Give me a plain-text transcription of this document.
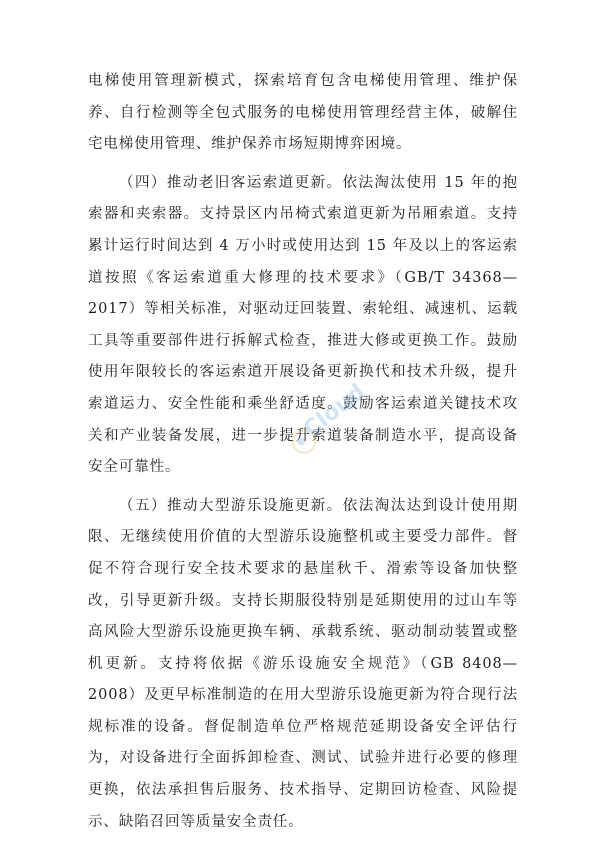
电梯使用管理新模式，探索培育包含电梯使用管理、维护保养、自行检测等全包式服务的电梯使用管理经营主体，破解住宅电梯使用管理、维护保养市场短期博弈困境。

（四）推动老旧客运索道更新。依法淘汰使用 15 年的抱索器和夹索器。支持景区内吊椅式索道更新为吊厢索道。支持累计运行时间达到 4 万小时或使用达到 15 年及以上的客运索道按照《客运索道重大修理的技术要求》（GB/T 34368—2017）等相关标准，对驱动迂回装置、索轮组、减速机、运载工具等重要部件进行拆解式检查，推进大修或更换工作。鼓励使用年限较长的客运索道开展设备更新换代和技术升级，提升索道运力、安全性能和乘坐舒适度。鼓励客运索道关键技术攻关和产业装备发展，进一步提升索道装备制造水平，提高设备安全可靠性。

（五）推动大型游乐设施更新。依法淘汰达到设计使用期限、无继续使用价值的大型游乐设施整机或主要受力部件。督促不符合现行安全技术要求的悬崖秋千、滑索等设备加快整改，引导更新升级。支持长期服役特别是延期使用的过山车等高风险大型游乐设施更换车辆、承载系统、驱动制动装置或整机更新。支持将依据《游乐设施安全规范》（GB 8408—2008）及更早标准制造的在用大型游乐设施更新为符合现行法规标准的设备。督促制造单位严格规范延期设备安全评估行为，对设备进行全面拆卸检查、测试、试验并进行必要的修理更换，依法承担售后服务、技术指导、定期回访检查、风险提示、缺陷召回等质量安全责任。

Cloud
